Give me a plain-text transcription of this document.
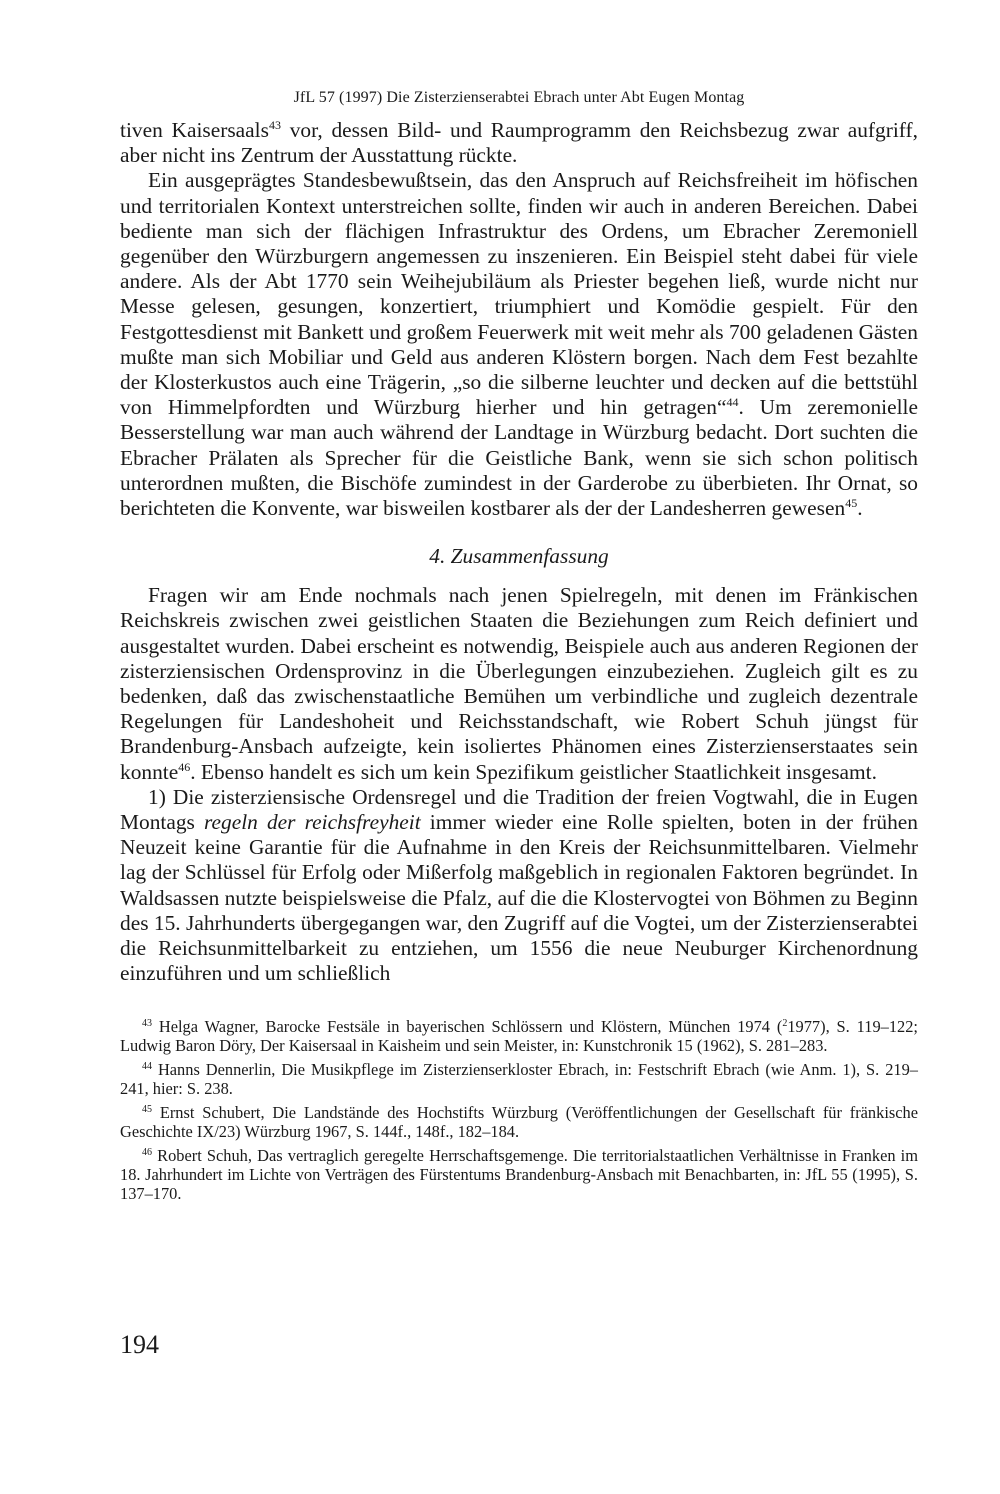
JfL 57 (1997) Die Zisterzienserabtei Ebrach unter Abt Eugen Montag

tiven Kaisersaals$^{43}$ vor, dessen Bild- und Raumprogramm den Reichsbezug zwar aufgriff, aber nicht ins Zentrum der Ausstattung rückte.

Ein ausgeprägtes Standesbewußtsein, das den Anspruch auf Reichsfreiheit im höfischen und territorialen Kontext unterstreichen sollte, finden wir auch in anderen Bereichen. Dabei bediente man sich der flächigen Infrastruktur des Ordens, um Ebracher Zeremoniell gegenüber den Würzburgern angemessen zu inszenieren. Ein Beispiel steht dabei für viele andere. Als der Abt 1770 sein Weihejubiläum als Priester begehen ließ, wurde nicht nur Messe gelesen, gesungen, konzertiert, triumphiert und Komödie gespielt. Für den Festgottesdienst mit Bankett und großem Feuerwerk mit weit mehr als 700 geladenen Gästen mußte man sich Mobiliar und Geld aus anderen Klöstern borgen. Nach dem Fest bezahlte der Klosterkustos auch eine Trägerin, „so die silberne leuchter und decken auf die bettstühl von Himmelpfordten und Würzburg hierher und hin getragen“$^{44}$. Um zeremonielle Besserstellung war man auch während der Landtage in Würzburg bedacht. Dort suchten die Ebracher Prälaten als Sprecher für die Geistliche Bank, wenn sie sich schon politisch unterordnen mußten, die Bischöfe zumindest in der Garderobe zu überbieten. Ihr Ornat, so berichteten die Konvente, war bisweilen kostbarer als der der Landesherren gewesen$^{45}$.

4. Zusammenfassung

Fragen wir am Ende nochmals nach jenen Spielregeln, mit denen im Fränkischen Reichskreis zwischen zwei geistlichen Staaten die Beziehungen zum Reich definiert und ausgestaltet wurden. Dabei erscheint es notwendig, Beispiele auch aus anderen Regionen der zisterziensischen Ordensprovinz in die Überlegungen einzubeziehen. Zugleich gilt es zu bedenken, daß das zwischenstaatliche Bemühen um verbindliche und zugleich dezentrale Regelungen für Landeshoheit und Reichsstandschaft, wie Robert Schuh jüngst für Brandenburg-Ansbach aufzeigte, kein isoliertes Phänomen eines Zisterzienserstaates sein konnte$^{46}$. Ebenso handelt es sich um kein Spezifikum geistlicher Staatlichkeit insgesamt.

1) Die zisterziensische Ordensregel und die Tradition der freien Vogtwahl, die in Eugen Montags regeln der reichsfreyheit immer wieder eine Rolle spielten, boten in der frühen Neuzeit keine Garantie für die Aufnahme in den Kreis der Reichsunmittelbaren. Vielmehr lag der Schlüssel für Erfolg oder Mißerfolg maßgeblich in regionalen Faktoren begründet. In Waldsassen nutzte beispielsweise die Pfalz, auf die die Klostervogtei von Böhmen zu Beginn des 15. Jahrhunderts übergegangen war, den Zugriff auf die Vogtei, um der Zisterzienserabtei die Reichsunmittelbarkeit zu entziehen, um 1556 die neue Neuburger Kirchenordnung einzuführen und um schließlich

$^{43}$ Helga Wagner, Barocke Festsäle in bayerischen Schlössern und Klöstern, München 1974 ($^2$1977), S. 119–122; Ludwig Baron Döry, Der Kaisersaal in Kaisheim und sein Meister, in: Kunstchronik 15 (1962), S. 281–283.

$^{44}$ Hanns Dennerlin, Die Musikpflege im Zisterzienserkloster Ebrach, in: Festschrift Ebrach (wie Anm. 1), S. 219–241, hier: S. 238.

$^{45}$ Ernst Schubert, Die Landstände des Hochstifts Würzburg (Veröffentlichungen der Gesellschaft für fränkische Geschichte IX/23) Würzburg 1967, S. 144f., 148f., 182–184.

$^{46}$ Robert Schuh, Das vertraglich geregelte Herrschaftsgemenge. Die territorialstaatlichen Verhältnisse in Franken im 18. Jahrhundert im Lichte von Verträgen des Fürstentums Brandenburg-Ansbach mit Benachbarten, in: JfL 55 (1995), S. 137–170.

194
